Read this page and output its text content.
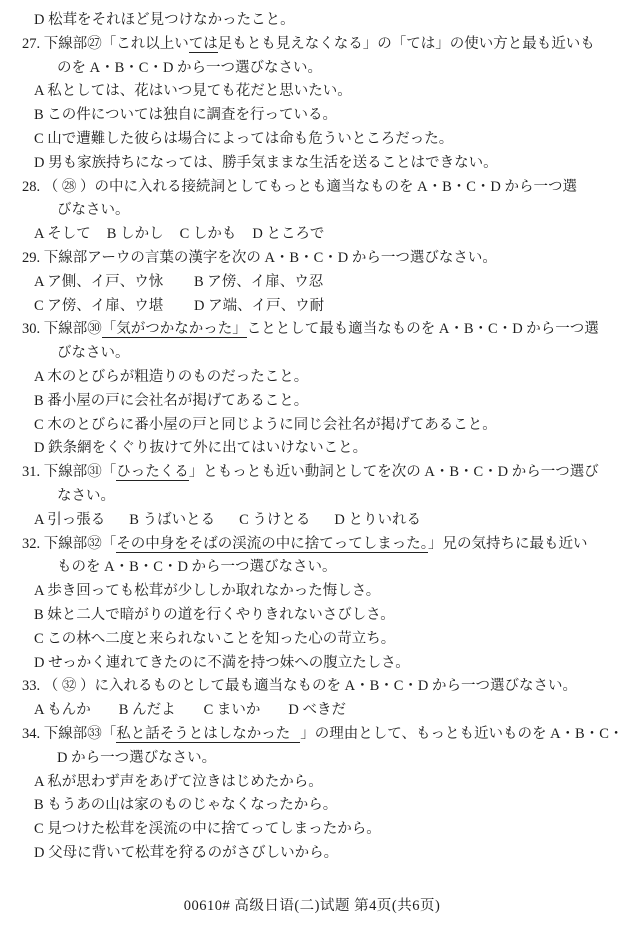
D 松茸をそれほど見つけなかったこと。
27. 下線部㉗「これ以上いては足もとも見えなくなる」の「ては」の使い方と最も近いも
のを A・B・C・D から一つ選びなさい。
A 私としては、花はいつ見ても花だと思いたい。
B この件については独自に調査を行っている。
C 山で遭難した彼らは場合によっては命も危ういところだった。
D 男も家族持ちになっては、勝手気ままな生活を送ることはできない。
28. （ ㉘ ）の中に入れる接続詞としてもっとも適当なものを A・B・C・D から一つ選
びなさい。
A そして B しかし C しかも D ところで
29. 下線部アーウの言葉の漢字を次の A・B・C・D から一つ選びなさい。
A ア側、イ戸、ウ怺 B ア傍、イ扉、ウ忍
C ア傍、イ扉、ウ堪 D ア端、イ戸、ウ耐
30. 下線部㉚「気がつかなかった」こととして最も適当なものを A・B・C・D から一つ選
びなさい。
A 木のとびらが粗造りのものだったこと。
B 番小屋の戸に会社名が掲げてあること。
C 木のとびらに番小屋の戸と同じように同じ会社名が掲げてあること。
D 鉄条網をくぐり抜けて外に出てはいけないこと。
31. 下線部㉛「ひったくる」ともっとも近い動詞としてを次の A・B・C・D から一つ選び
なさい。
A 引っ張る B うばいとる C うけとる D とりいれる
32. 下線部㉜「その中身をそばの渓流の中に捨てってしまった。」兄の気持ちに最も近い
ものを A・B・C・D から一つ選びなさい。
A 歩き回っても松茸が少ししか取れなかった悔しさ。
B 妹と二人で暗がりの道を行くやりきれないさびしさ。
C この林へ二度と来られないことを知った心の苛立ち。
D せっかく連れてきたのに不満を持つ妹への腹立たしさ。
33. （ ㉜ ）に入れるものとして最も適当なものを A・B・C・D から一つ選びなさい。
A もんか B んだよ C まいか D べきだ
34. 下線部㉝「私と話そうとはしなかった 」の理由として、もっとも近いものを A・B・C・
D から一つ選びなさい。
A 私が思わず声をあげて泣きはじめたから。
B もうあの山は家のものじゃなくなったから。
C 見つけた松茸を渓流の中に捨てってしまったから。
D 父母に背いて松茸を狩るのがさびしいから。
00610# 高级日语(二)试题 第4页(共6页)
